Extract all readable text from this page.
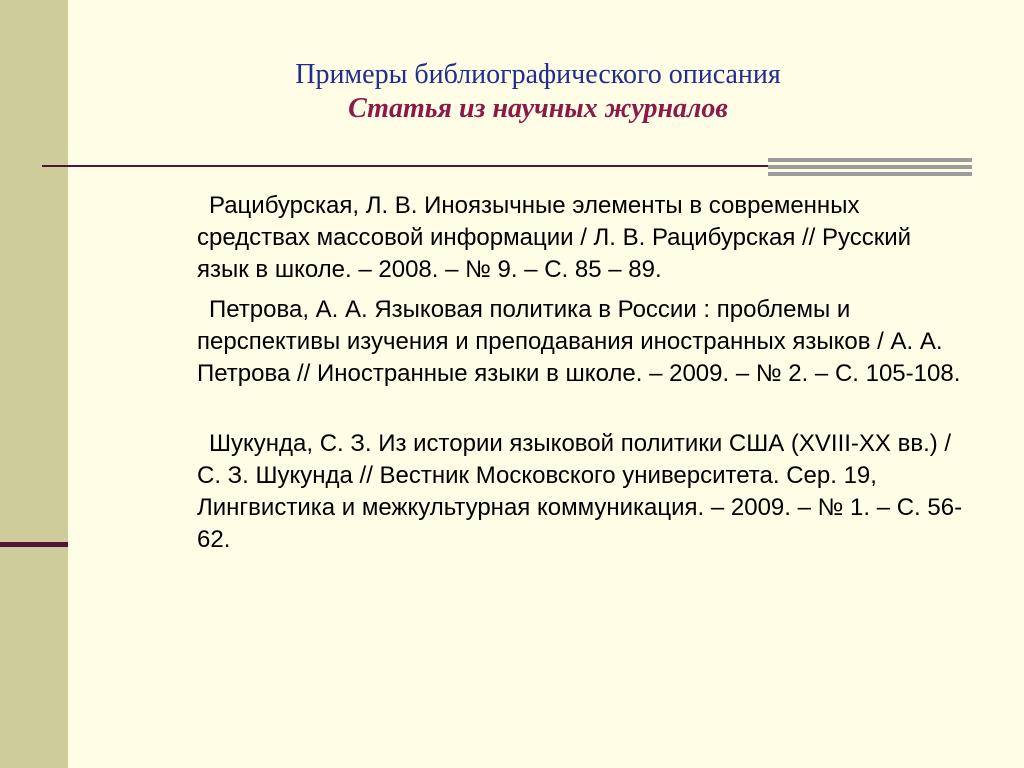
Примеры библиографического описания
Статья из научных журналов

Рацибурская, Л. В. Иноязычные элементы в современных средствах массовой информации / Л. В. Рацибурская // Русский язык в школе. – 2008. – № 9. – С. 85 – 89.

Петрова, А. А. Языковая политика в России : проблемы и перспективы изучения и преподавания иностранных языков / А. А. Петрова // Иностранные языки в школе. – 2009. – № 2. – С. 105-108.

Шукунда, С. З. Из истории языковой политики США (XVIII-XX вв.) / С. З. Шукунда // Вестник Московского университета. Сер. 19, Лингвистика и межкультурная коммуникация. – 2009. – № 1. – С. 56-62.
